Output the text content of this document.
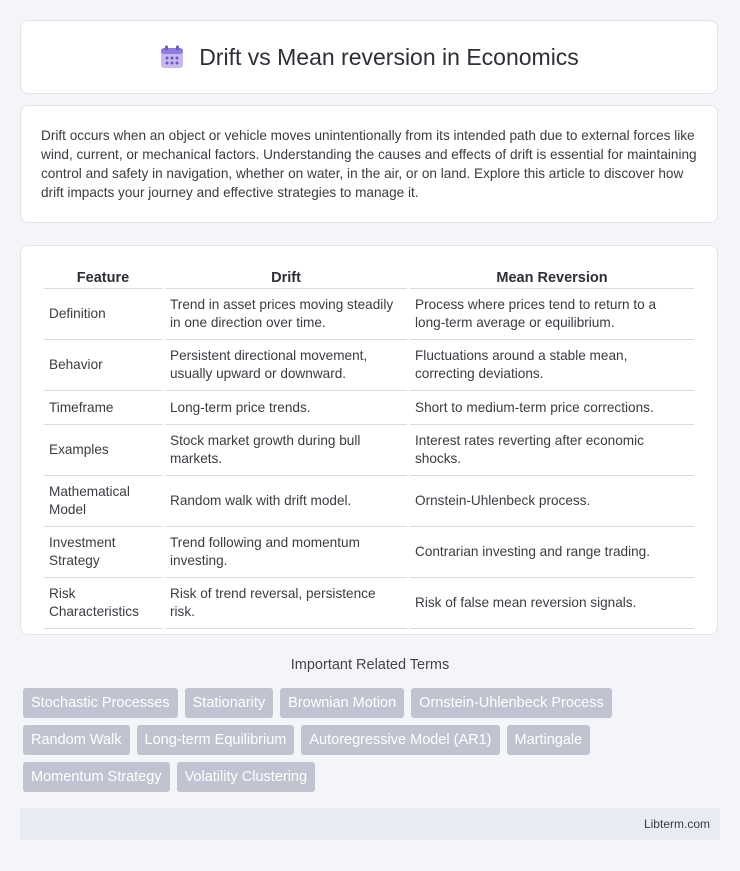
Drift vs Mean reversion in Economics

Drift occurs when an object or vehicle moves unintentionally from its intended path due to external forces like wind, current, or mechanical factors. Understanding the causes and effects of drift is essential for maintaining control and safety in navigation, whether on water, in the air, or on land. Explore this article to discover how drift impacts your journey and effective strategies to manage it.

Feature	Drift	Mean Reversion
Definition	Trend in asset prices moving steadily in one direction over time.	Process where prices tend to return to a long-term average or equilibrium.
Behavior	Persistent directional movement, usually upward or downward.	Fluctuations around a stable mean, correcting deviations.
Timeframe	Long-term price trends.	Short to medium-term price corrections.
Examples	Stock market growth during bull markets.	Interest rates reverting after economic shocks.
Mathematical Model	Random walk with drift model.	Ornstein-Uhlenbeck process.
Investment Strategy	Trend following and momentum investing.	Contrarian investing and range trading.
Risk Characteristics	Risk of trend reversal, persistence risk.	Risk of false mean reversion signals.
Important Related Terms
Stochastic Processes	Stationarity	Brownian Motion	Ornstein-Uhlenbeck Process
Random Walk	Long-term Equilibrium	Autoregressive Model (AR1)	Martingale
Momentum Strategy	Volatility Clustering
Libterm.com
